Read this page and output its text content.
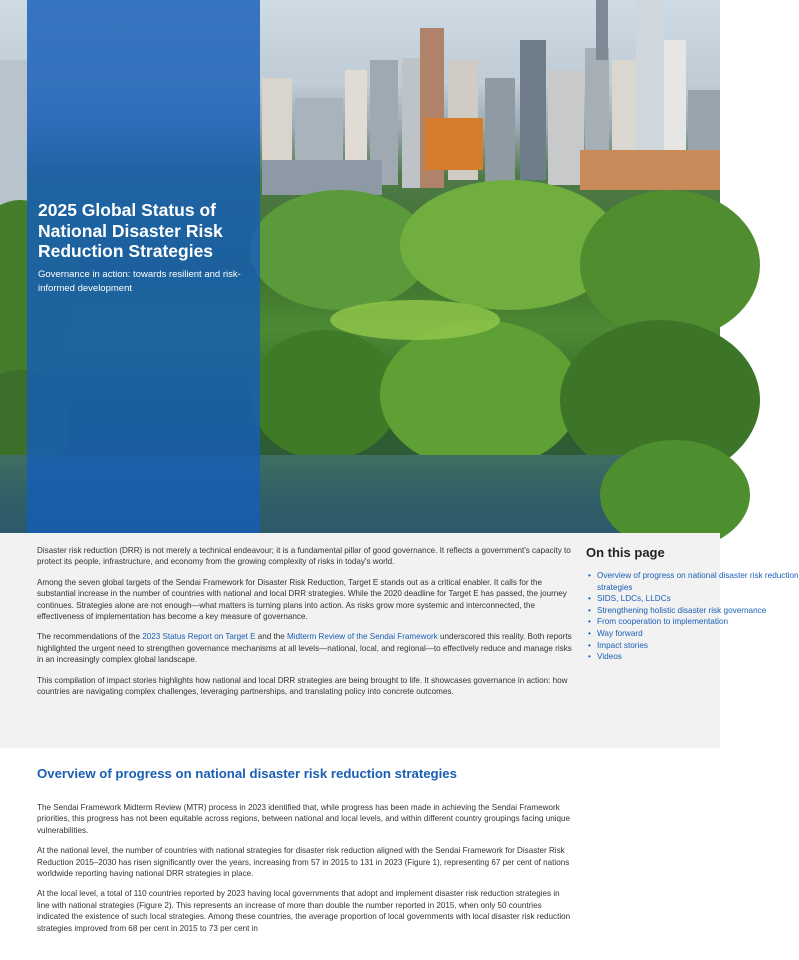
2025 Global Status of National Disaster Risk Reduction Strategies

Governance in action: towards resilient and risk-informed development

Disaster risk reduction (DRR) is not merely a technical endeavour; it is a fundamental pillar of good governance. It reflects a government's capacity to protect its people, infrastructure, and economy from the growing complexity of risks in today's world.

Among the seven global targets of the Sendai Framework for Disaster Risk Reduction, Target E stands out as a critical enabler. It calls for the substantial increase in the number of countries with national and local DRR strategies. While the 2020 deadline for Target E has passed, the journey continues. Strategies alone are not enough—what matters is turning plans into action. As risks grow more systemic and interconnected, the effectiveness of implementation has become a key measure of governance.

The recommendations of the 2023 Status Report on Target E and the Midterm Review of the Sendai Framework underscored this reality. Both reports highlighted the urgent need to strengthen governance mechanisms at all levels—national, local, and regional—to effectively reduce and manage risks in an increasingly complex global landscape.

This compilation of impact stories highlights how national and local DRR strategies are being brought to life. It showcases governance in action: how countries are navigating complex challenges, leveraging partnerships, and translating policy into concrete outcomes.

On this page
• Overview of progress on national disaster risk reduction
strategies
• SIDS, LDCs, LLDCs
• Strengthening holistic disaster risk governance
• From cooperation to implementation
• Way forward
• Impact stories
• Videos
Overview of progress on national disaster risk reduction strategies

The Sendai Framework Midterm Review (MTR) process in 2023 identified that, while progress has been made in achieving the Sendai Framework priorities, this progress has not been equitable across regions, between national and local levels, and within different country groupings facing unique vulnerabilities.

At the national level, the number of countries with national strategies for disaster risk reduction aligned with the Sendai Framework for Disaster Risk Reduction 2015–2030 has risen significantly over the years, increasing from 57 in 2015 to 131 in 2023 (Figure 1), representing 67 per cent of nations worldwide reporting having national DRR strategies in place.

At the local level, a total of 110 countries reported by 2023 having local governments that adopt and implement disaster risk reduction strategies in line with national strategies (Figure 2). This represents an increase of more than double the number reported in 2015, when only 50 countries indicated the existence of such local strategies. Among these countries, the average proportion of local governments with local disaster risk reduction strategies improved from 68 per cent in 2015 to 73 per cent in
